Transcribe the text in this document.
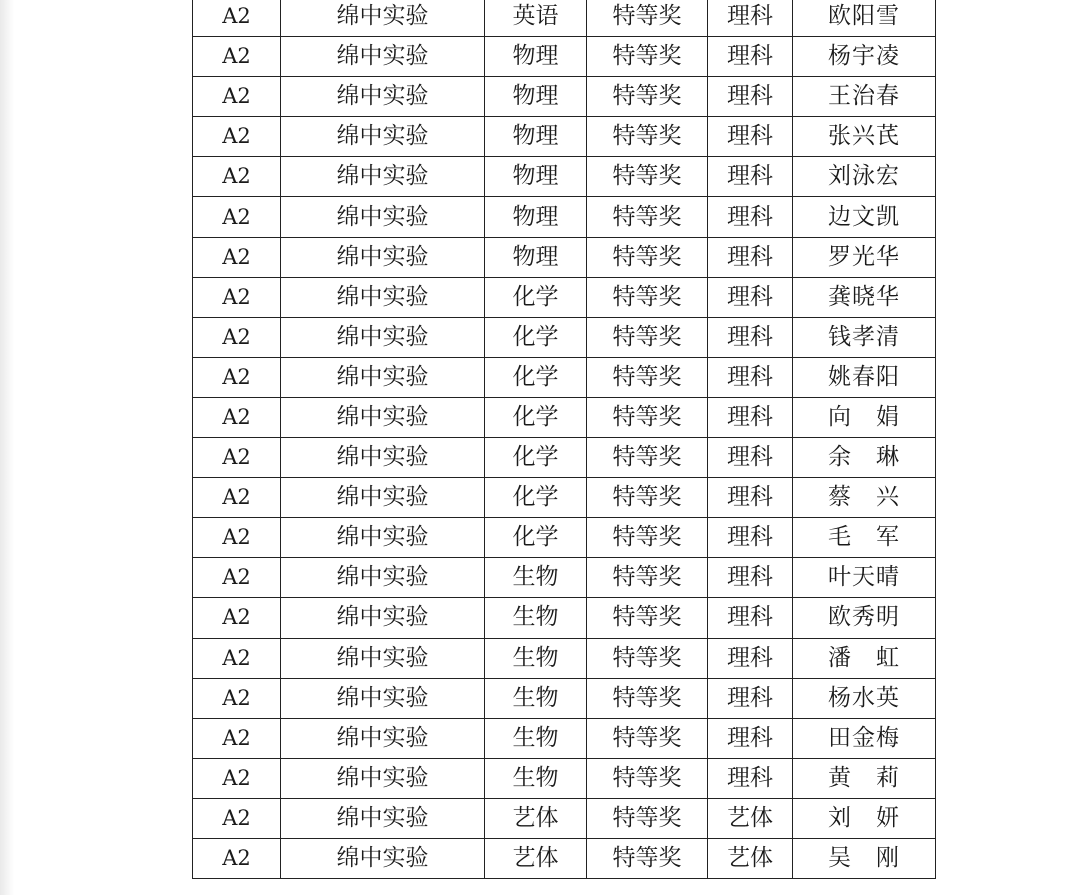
A2	绵中实验	英语	特等奖	理科	欧阳雪
A2	绵中实验	物理	特等奖	理科	杨宇凌
A2	绵中实验	物理	特等奖	理科	王治春
A2	绵中实验	物理	特等奖	理科	张兴芪
A2	绵中实验	物理	特等奖	理科	刘泳宏
A2	绵中实验	物理	特等奖	理科	边文凯
A2	绵中实验	物理	特等奖	理科	罗光华
A2	绵中实验	化学	特等奖	理科	龚晓华
A2	绵中实验	化学	特等奖	理科	钱孝清
A2	绵中实验	化学	特等奖	理科	姚春阳
A2	绵中实验	化学	特等奖	理科	向　娟
A2	绵中实验	化学	特等奖	理科	余　琳
A2	绵中实验	化学	特等奖	理科	蔡　兴
A2	绵中实验	化学	特等奖	理科	毛　军
A2	绵中实验	生物	特等奖	理科	叶天晴
A2	绵中实验	生物	特等奖	理科	欧秀明
A2	绵中实验	生物	特等奖	理科	潘　虹
A2	绵中实验	生物	特等奖	理科	杨水英
A2	绵中实验	生物	特等奖	理科	田金梅
A2	绵中实验	生物	特等奖	理科	黄　莉
A2	绵中实验	艺体	特等奖	艺体	刘　妍
A2	绵中实验	艺体	特等奖	艺体	吴　刚
